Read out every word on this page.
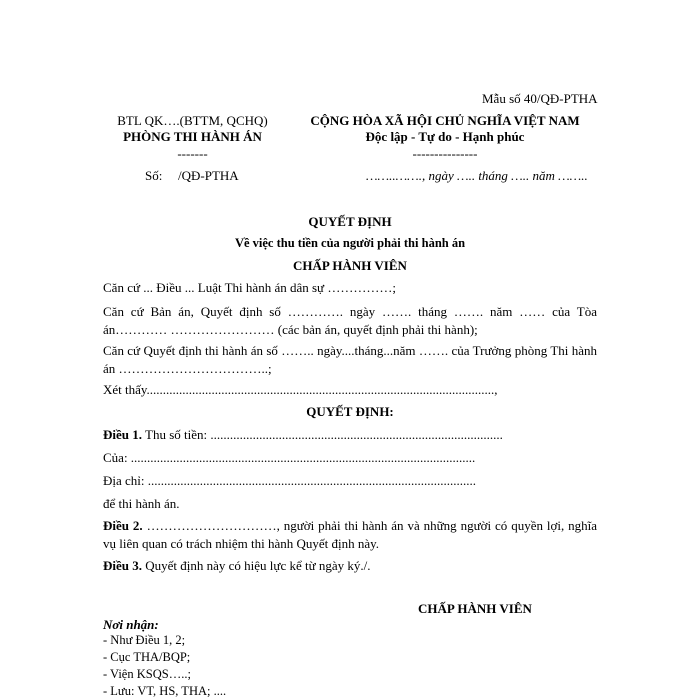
Mẫu số 40/QĐ-PTHA
BTL QK….(BTTM, QCHQ)
PHÒNG THI HÀNH ÁN
-------
Số: /QĐ-PTHA
CỘNG HÒA XÃ HỘI CHỦ NGHĨA VIỆT NAM
Độc lập - Tự do - Hạnh phúc
---------------
……..……., ngày ….. tháng ….. năm ……..
QUYẾT ĐỊNH
Về việc thu tiền của người phải thi hành án
CHẤP HÀNH VIÊN
Căn cứ ... Điều ... Luật Thi hành án dân sự ……………;
Căn cứ Bản án, Quyết định số …………. ngày ……. tháng ……. năm …… của Tòa án………… …………………… (các bản án, quyết định phải thi hành);
Căn cứ Quyết định thi hành án số …….. ngày....tháng...năm ……. của Trưởng phòng Thi hành án ……………………………..;
Xét thấy...........................................................................................................,
QUYẾT ĐỊNH:
Điều 1. Thu số tiền: ..........................................................................................
Của: ..........................................................................................................
Địa chỉ: .....................................................................................................
để thi hành án.
Điều 2. …………………………, người phải thi hành án và những người có quyền lợi, nghĩa vụ liên quan có trách nhiệm thi hành Quyết định này.
Điều 3. Quyết định này có hiệu lực kể từ ngày ký./.
CHẤP HÀNH VIÊN
Nơi nhận:
- Như Điều 1, 2;
- Cục THA/BQP;
- Viện KSQS…..;
- Lưu: VT, HS, THA; ....
